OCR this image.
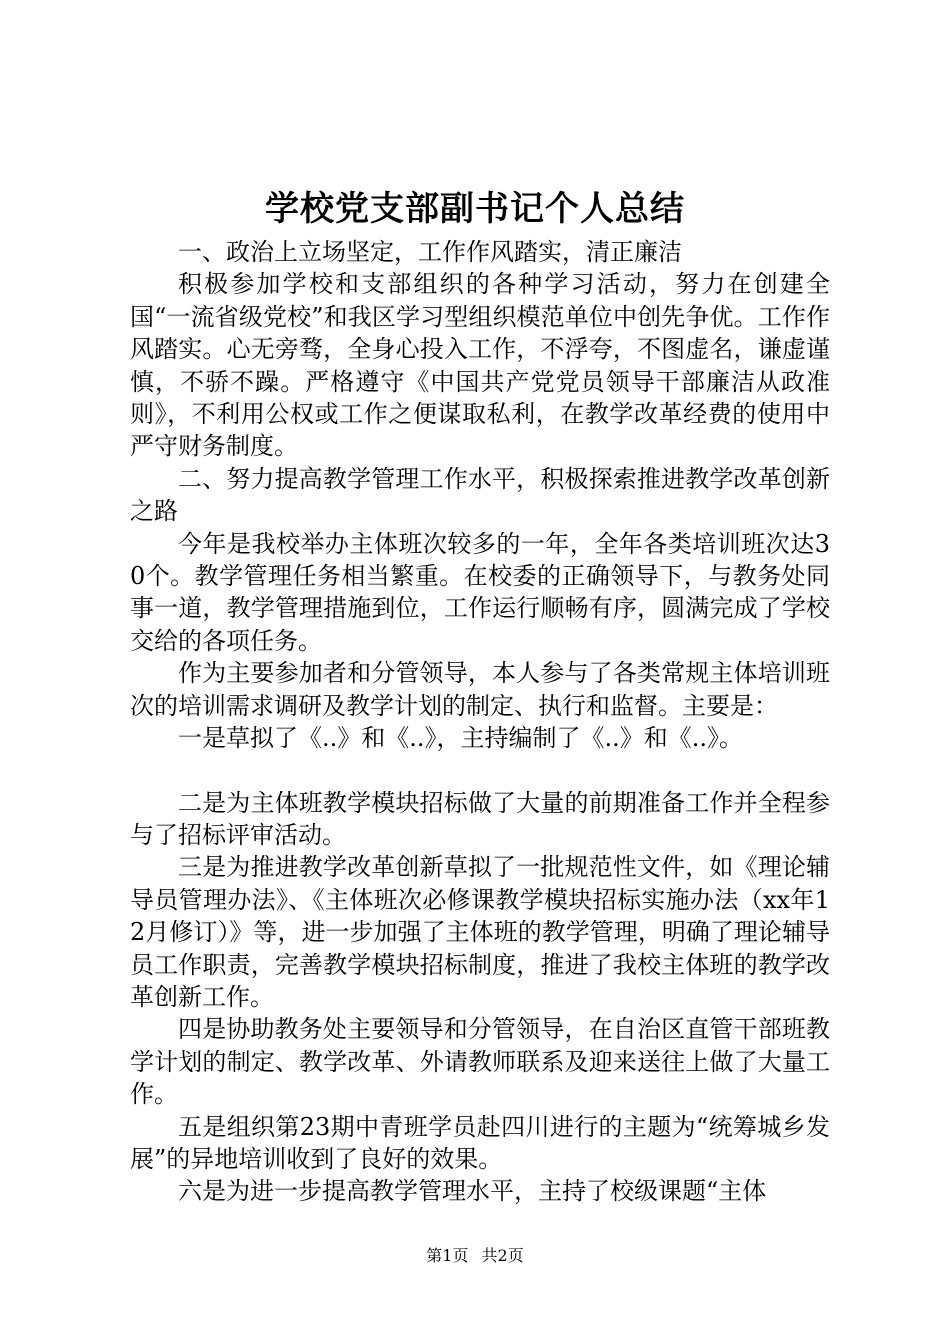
学校党支部副书记个人总结

一、政治上立场坚定，工作作风踏实，清正廉洁

积极参加学校和支部组织的各种学习活动，努力在创建全国“一流省级党校”和我区学习型组织模范单位中创先争优。工作作风踏实。心无旁骛，全身心投入工作，不浮夸，不图虚名，谦虚谨慎，不骄不躁。严格遵守《中国共产党党员领导干部廉洁从政准则》，不利用公权或工作之便谋取私利，在教学改革经费的使用中严守财务制度。

二、努力提高教学管理工作水平，积极探索推进教学改革创新之路

今年是我校举办主体班次较多的一年，全年各类培训班次达30个。教学管理任务相当繁重。在校委的正确领导下，与教务处同事一道，教学管理措施到位，工作运行顺畅有序，圆满完成了学校交给的各项任务。

作为主要参加者和分管领导，本人参与了各类常规主体培训班次的培训需求调研及教学计划的制定、执行和监督。主要是：

一是草拟了《..》和《..》，主持编制了《..》和《..》。

二是为主体班教学模块招标做了大量的前期准备工作并全程参与了招标评审活动。

三是为推进教学改革创新草拟了一批规范性文件，如《理论辅导员管理办法》、《主体班次必修课教学模块招标实施办法（xx年12月修订）》等，进一步加强了主体班的教学管理，明确了理论辅导员工作职责，完善教学模块招标制度，推进了我校主体班的教学改革创新工作。

四是协助教务处主要领导和分管领导，在自治区直管干部班教学计划的制定、教学改革、外请教师联系及迎来送往上做了大量工作。

五是组织第23期中青班学员赴四川进行的主题为“统筹城乡发展”的异地培训收到了良好的效果。

六是为进一步提高教学管理水平，主持了校级课题“主体

第1页 共2页
